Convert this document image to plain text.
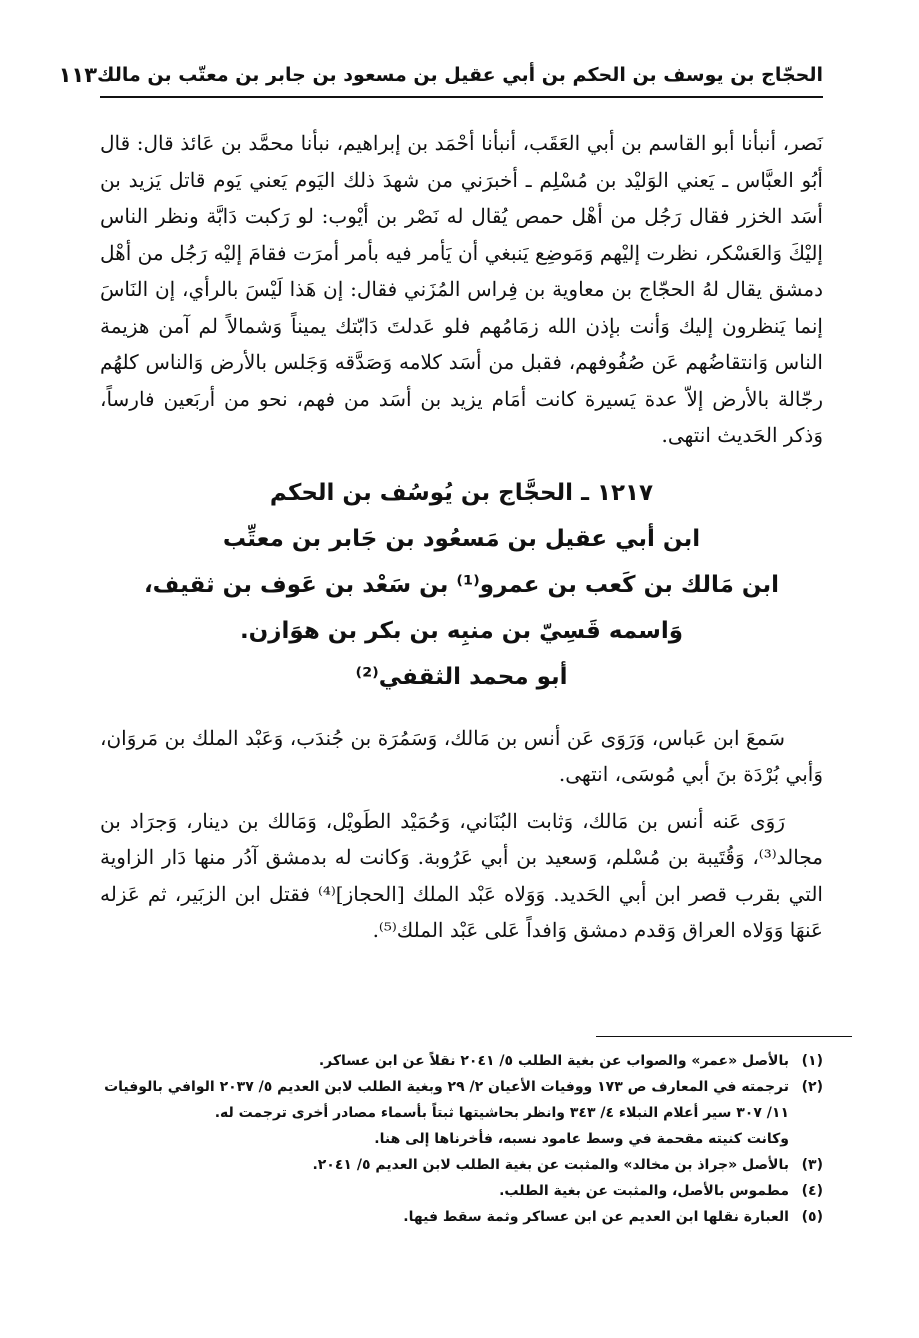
الحجّاج بن يوسف بن الحكم بن أبي عقيل بن مسعود بن جابر بن معتّب بن مالك
١١٣

نَصر، أنبأنا أبو القاسم بن أبي العَقَب، أنبأنا أحْمَد بن إبراهيم، نبأنا محمَّد بن عَائذ قال: قال أبُو العبَّاس ـ يَعني الوَليْد بن مُسْلِم ـ أخبرَني من شهدَ ذلك اليَوم يَعني يَوم قاتل يَزيد بن أسَد الخزر فقال رَجُل من أهْل حمص يُقال له نَصْر بن أيْوب: لو رَكبت دَابَّة ونظر الناس إليْكَ وَالعَسْكر، نظرت إليْهم وَمَوضِع يَنبغي أن يَأمر فيه بأمر أمرَت فقامَ إليْه رَجُل من أهْل دمشق يقال لهُ الحجّاج بن معاوية بن فِراس المُزَني فقال: إن هَذا لَيْسَ بالرأي، إن النَاسَ إنما يَنظرون إليك وَأنت بإذن الله زمَامُهم فلو عَدلتَ دَابّتك يميناً وَشمالاً لم آمن هزيمة الناس وَانتقاضُهم عَن صُفُوفهم، فقبل من أسَد كلامه وَصَدَّقه وَجَلس بالأرض وَالناس كلهُم رجّالة بالأرض إلاّ عدة يَسيرة كانت أمَام يزيد بن أسَد من فهم، نحو من أربَعين فارساً، وَذكر الحَديث انتهى.

١٢١٧ ـ الحجَّاج بن يُوسُف بن الحكم
ابن أبي عقيل بن مَسعُود بن جَابر بن معتِّب
ابن مَالك بن كَعب بن عمرو⁽¹⁾ بن سَعْد بن عَوف بن ثقيف،
وَاسمه قَسِيّ بن منبِه بن بكر بن هوَازن.
أبو محمد الثقفي⁽²⁾

سَمعَ ابن عَباس، وَرَوَى عَن أنس بن مَالك، وَسَمُرَة بن جُندَب، وَعَبْد الملك بن مَروَان، وَأبي بُرْدَة بنَ أبي مُوسَى، انتهى.

رَوَى عَنه أنس بن مَالك، وَثابت البُنَاني، وَحُمَيْد الطَويْل، وَمَالك بن دينار، وَجرَاد بن مجالد⁽³⁾، وَقُتَيبة بن مُسْلم، وَسعيد بن أبي عَرُوبة. وَكانت له بدمشق آدُر منها دَار الزاوية التي بقرب قصر ابن أبي الحَديد. وَوَلاه عَبْد الملك [الحجاز]⁽⁴⁾ فقتل ابن الزبَير، ثم عَزله عَنهَا وَوَلاه العراق وَقدم دمشق وَافداً عَلى عَبْد الملك⁽⁵⁾.

(١)
بالأصل «عمر» والصواب عن بغية الطلب ٥/ ٢٠٤١ نقلاً عن ابن عساكر.
(٢)
ترجمته في المعارف ص ١٧٣ ووفيات الأعيان ٢/ ٢٩ وبغية الطلب لابن العديم ٥/ ٢٠٣٧ الوافي بالوفيات
١١/ ٣٠٧ سير أعلام النبلاء ٤/ ٣٤٣ وانظر بحاشيتها ثبتاً بأسماء مصادر أخرى ترجمت له.
وكانت كنيته مقحمة في وسط عامود نسبه، فأخرناها إلى هنا.
(٣)
بالأصل «جراذ بن مخالد» والمثبت عن بغية الطلب لابن العديم ٥/ ٢٠٤١.
(٤)
مطموس بالأصل، والمثبت عن بغية الطلب.
(٥)
العبارة نقلها ابن العديم عن ابن عساكر وثمة سقط فيها.
